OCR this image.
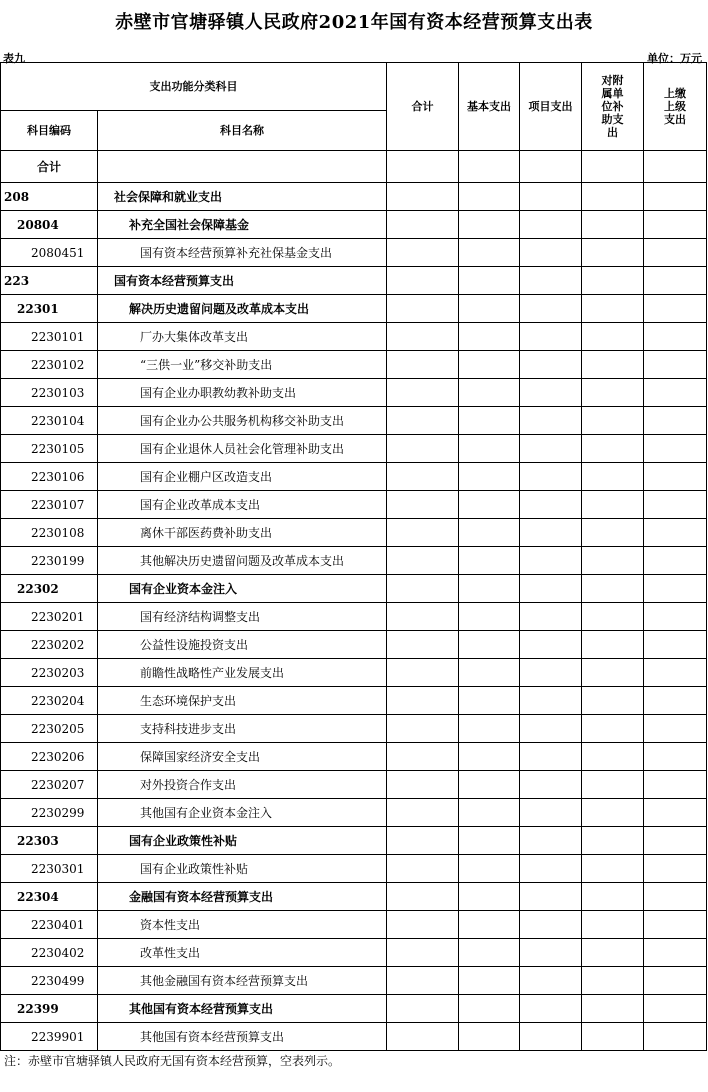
赤壁市官塘驿镇人民政府2021年国有资本经营预算支出表
表九	单位：万元
支出功能分类科目		合计	基本支出	项目支出	对附属单位补助支出	上缴上级支出
科目编码	科目名称					
合计						
208	社会保障和就业支出					
20804	补充全国社会保障基金					
2080451	国有资本经营预算补充社保基金支出					
223	国有资本经营预算支出					
22301	解决历史遗留问题及改革成本支出					
2230101	厂办大集体改革支出					
2230102	“三供一业”移交补助支出					
2230103	国有企业办职教幼教补助支出					
2230104	国有企业办公共服务机构移交补助支出					
2230105	国有企业退休人员社会化管理补助支出					
2230106	国有企业棚户区改造支出					
2230107	国有企业改革成本支出					
2230108	离休干部医药费补助支出					
2230199	其他解决历史遗留问题及改革成本支出					
22302	国有企业资本金注入					
2230201	国有经济结构调整支出					
2230202	公益性设施投资支出					
2230203	前瞻性战略性产业发展支出					
2230204	生态环境保护支出					
2230205	支持科技进步支出					
2230206	保障国家经济安全支出					
2230207	对外投资合作支出					
2230299	其他国有企业资本金注入					
22303	国有企业政策性补贴					
2230301	国有企业政策性补贴					
22304	金融国有资本经营预算支出					
2230401	资本性支出					
2230402	改革性支出					
2230499	其他金融国有资本经营预算支出					
22399	其他国有资本经营预算支出					
2239901	其他国有资本经营预算支出					
注：赤壁市官塘驿镇人民政府无国有资本经营预算，空表列示。
